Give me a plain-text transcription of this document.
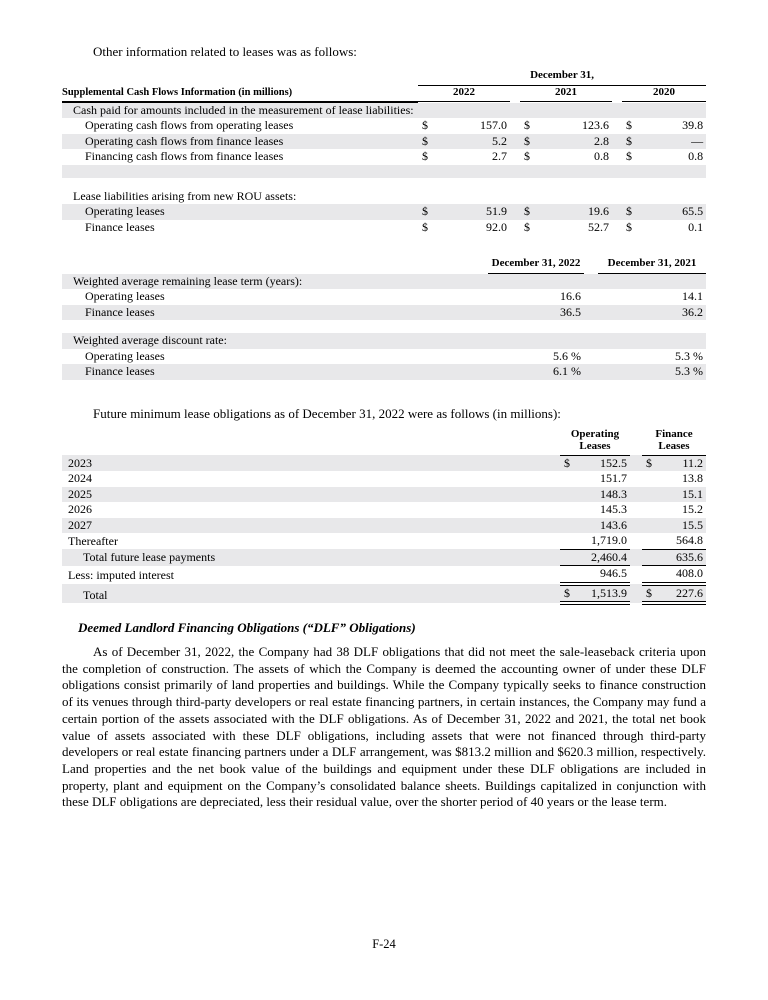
Other information related to leases was as follows:

	December 31,							
Supplemental Cash Flows Information (in millions)	2022			2021			2020	
Cash paid for amounts included in the measurement of lease liabilities:								
Operating cash flows from operating leases	$	157.0		$	123.6		$	39.8
Operating cash flows from finance leases	$	5.2		$	2.8		$	—
Financing cash flows from finance leases	$	2.7		$	0.8		$	0.8

Lease liabilities arising from new ROU assets:								
Operating leases	$	51.9		$	19.6		$	65.5
Finance leases	$	92.0		$	52.7		$	0.1
	December 31, 2022		December 31, 2021
Weighted average remaining lease term (years):			
Operating leases	16.6		14.1
Finance leases	36.5		36.2

Weighted average discount rate:			
Operating leases	5.6 %		5.3 %
Finance leases	6.1 %		5.3 %

Future minimum lease obligations as of December 31, 2022 were as follows (in millions):

Operating
Leases

Finance
Leases

2023	$	152.5		$	11.2
2024		151.7			13.8
2025		148.3			15.1
2026		145.3			15.2
2027		143.6			15.5
Thereafter		1,719.0			564.8
Total future lease payments		2,460.4			635.6
Less: imputed interest		946.5			408.0
Total	$	1,513.9		$	227.6
Deemed Landlord Financing Obligations (“DLF” Obligations)

As of December 31, 2022, the Company had 38 DLF obligations that did not meet the sale-leaseback criteria upon the completion of construction. The assets of which the Company is deemed the accounting owner of under these DLF obligations consist primarily of land properties and buildings. While the Company typically seeks to finance construction of its venues through third-party developers or real estate financing partners, in certain instances, the Company may fund a certain portion of the assets associated with the DLF obligations. As of December 31, 2022 and 2021, the total net book value of assets associated with these DLF obligations, including assets that were not financed through third-party developers or real estate financing partners under a DLF arrangement, was $813.2 million and $620.3 million, respectively. Land properties and the net book value of the buildings and equipment under these DLF obligations are included in property, plant and equipment on the Company’s consolidated balance sheets. Buildings capitalized in conjunction with these DLF obligations are depreciated, less their residual value, over the shorter period of 40 years or the lease term.

F-24
